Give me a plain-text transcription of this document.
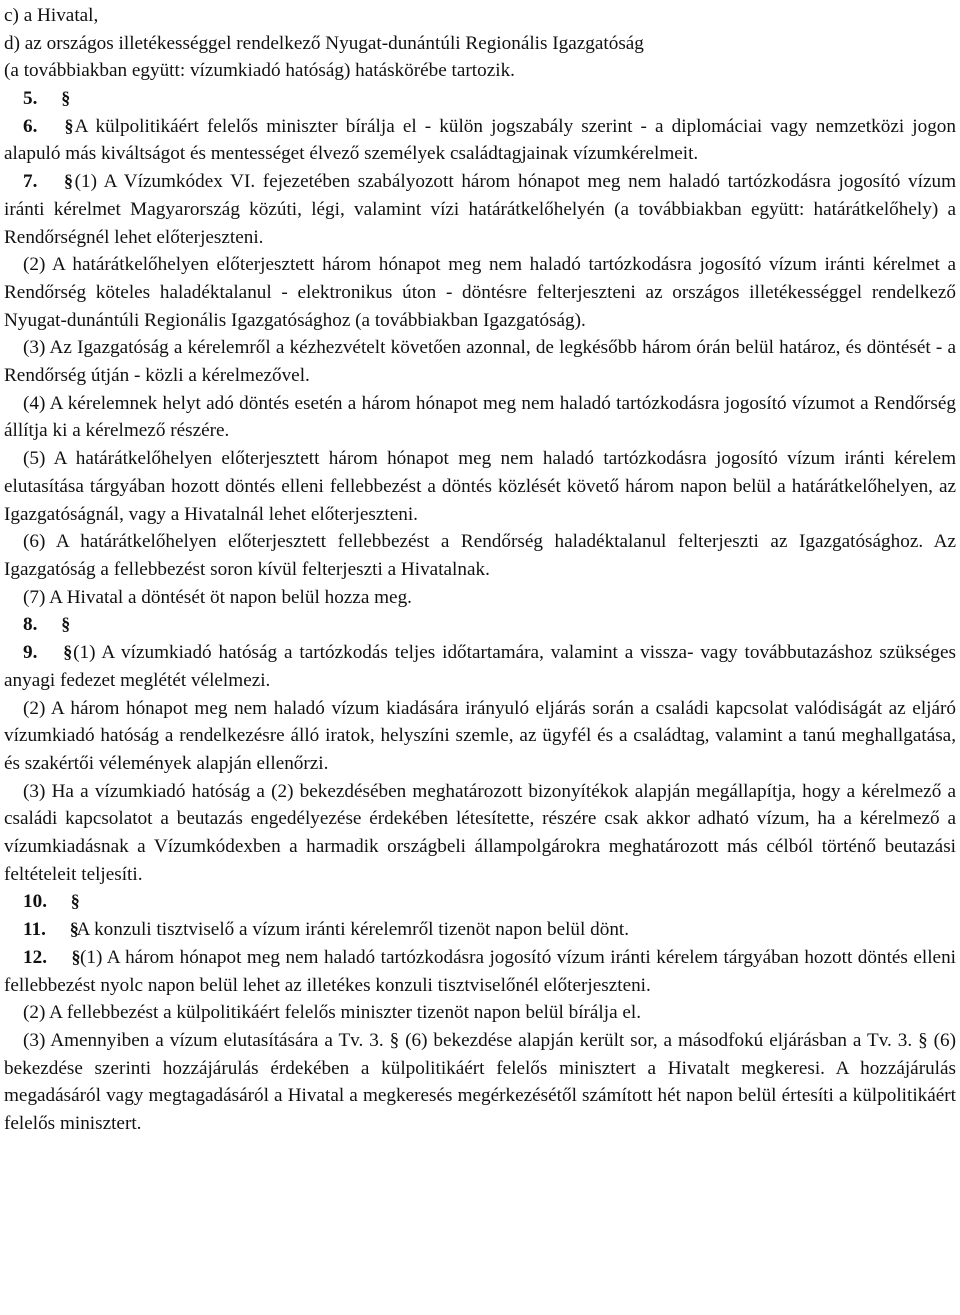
c) a Hivatal,
d) az országos illetékességgel rendelkező Nyugat-dunántúli Regionális Igazgatóság
(a továbbiakban együtt: vízumkiadó hatóság) hatáskörébe tartozik.
5. §

6. § A külpolitikáért felelős miniszter bírálja el - külön jogszabály szerint - a diplomáciai vagy nemzetközi jogon alapuló más kiváltságot és mentességet élvező személyek családtagjainak vízumkérelmeit.

7. § (1) A Vízumkódex VI. fejezetében szabályozott három hónapot meg nem haladó tartózkodásra jogosító vízum iránti kérelmet Magyarország közúti, légi, valamint vízi határátkelőhelyén (a továbbiakban együtt: határátkelőhely) a Rendőrségnél lehet előterjeszteni.

(2) A határátkelőhelyen előterjesztett három hónapot meg nem haladó tartózkodásra jogosító vízum iránti kérelmet a Rendőrség köteles haladéktalanul - elektronikus úton - döntésre felterjeszteni az országos illetékességgel rendelkező Nyugat-dunántúli Regionális Igazgatósághoz (a továbbiakban Igazgatóság).

(3) Az Igazgatóság a kérelemről a kézhezvételt követően azonnal, de legkésőbb három órán belül határoz, és döntését - a Rendőrség útján - közli a kérelmezővel.

(4) A kérelemnek helyt adó döntés esetén a három hónapot meg nem haladó tartózkodásra jogosító vízumot a Rendőrség állítja ki a kérelmező részére.

(5) A határátkelőhelyen előterjesztett három hónapot meg nem haladó tartózkodásra jogosító vízum iránti kérelem elutasítása tárgyában hozott döntés elleni fellebbezést a döntés közlését követő három napon belül a határátkelőhelyen, az Igazgatóságnál, vagy a Hivatalnál lehet előterjeszteni.

(6) A határátkelőhelyen előterjesztett fellebbezést a Rendőrség haladéktalanul felterjeszti az Igazgatósághoz. Az Igazgatóság a fellebbezést soron kívül felterjeszti a Hivatalnak.

(7) A Hivatal a döntését öt napon belül hozza meg.

8. §

9. § (1) A vízumkiadó hatóság a tartózkodás teljes időtartamára, valamint a vissza- vagy továbbutazáshoz szükséges anyagi fedezet meglétét vélelmezi.

(2) A három hónapot meg nem haladó vízum kiadására irányuló eljárás során a családi kapcsolat valódiságát az eljáró vízumkiadó hatóság a rendelkezésre álló iratok, helyszíni szemle, az ügyfél és a családtag, valamint a tanú meghallgatása, és szakértői vélemények alapján ellenőrzi.

(3) Ha a vízumkiadó hatóság a (2) bekezdésében meghatározott bizonyítékok alapján megállapítja, hogy a kérelmező a családi kapcsolatot a beutazás engedélyezése érdekében létesítette, részére csak akkor adható vízum, ha a kérelmező a vízumkiadásnak a Vízumkódexben a harmadik országbeli állampolgárokra meghatározott más célból történő beutazási feltételeit teljesíti.

10. §

11. § A konzuli tisztviselő a vízum iránti kérelemről tizenöt napon belül dönt.

12. § (1) A három hónapot meg nem haladó tartózkodásra jogosító vízum iránti kérelem tárgyában hozott döntés elleni fellebbezést nyolc napon belül lehet az illetékes konzuli tisztviselőnél előterjeszteni.

(2) A fellebbezést a külpolitikáért felelős miniszter tizenöt napon belül bírálja el.

(3) Amennyiben a vízum elutasítására a Tv. 3. § (6) bekezdése alapján került sor, a másodfokú eljárásban a Tv. 3. § (6) bekezdése szerinti hozzájárulás érdekében a külpolitikáért felelős minisztert a Hivatalt megkeresi. A hozzájárulás megadásáról vagy megtagadásáról a Hivatal a megkeresés megérkezésétől számított hét napon belül értesíti a külpolitikáért felelős minisztert.
